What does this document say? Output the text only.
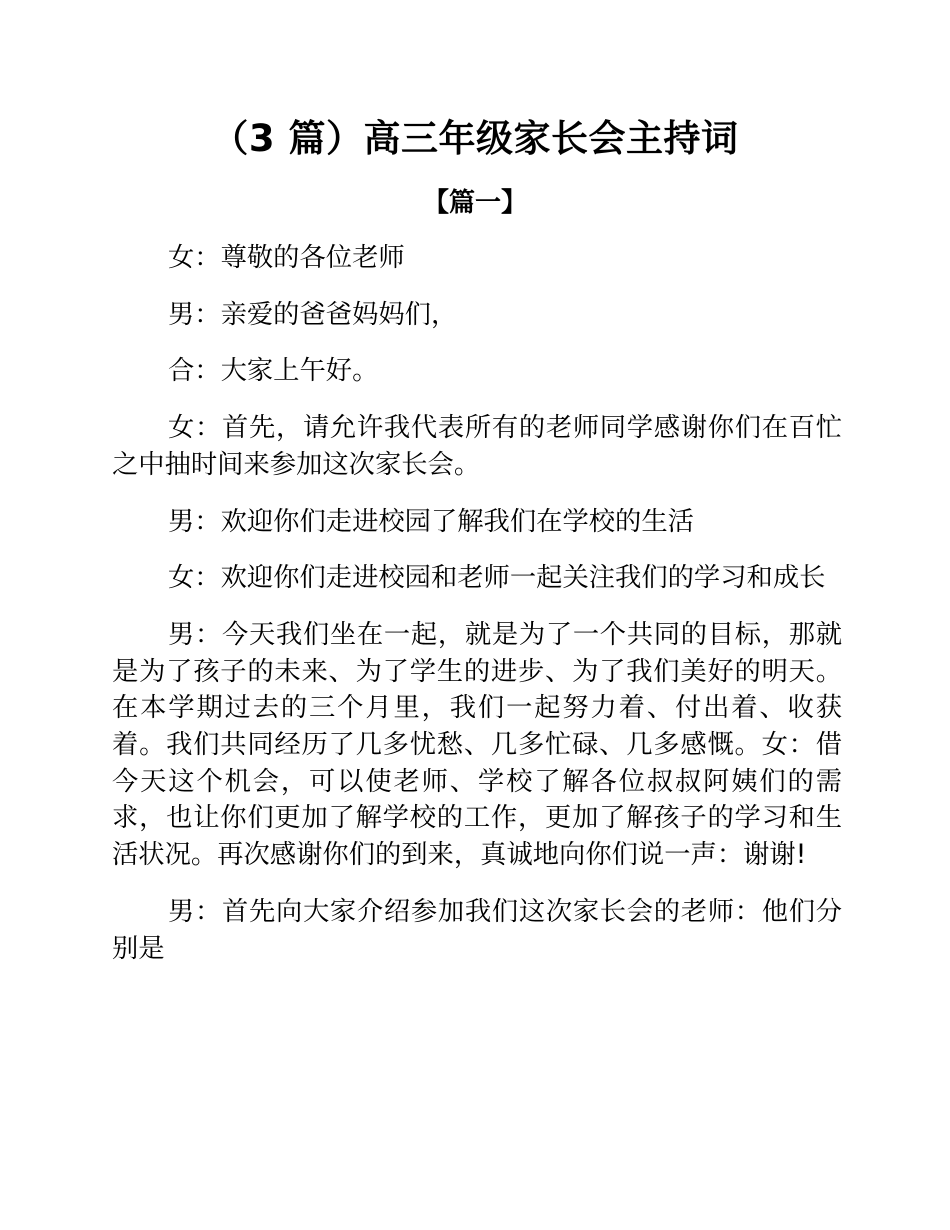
（3 篇）高三年级家长会主持词
【篇一】

女：尊敬的各位老师

男：亲爱的爸爸妈妈们，

合：大家上午好。

女：首先，请允许我代表所有的老师同学感谢你们在百忙之中抽时间来参加这次家长会。

男：欢迎你们走进校园了解我们在学校的生活

女：欢迎你们走进校园和老师一起关注我们的学习和成长

男：今天我们坐在一起，就是为了一个共同的目标，那就是为了孩子的未来、为了学生的进步、为了我们美好的明天。在本学期过去的三个月里，我们一起努力着、付出着、收获着。我们共同经历了几多忧愁、几多忙碌、几多感慨。女：借今天这个机会，可以使老师、学校了解各位叔叔阿姨们的需求，也让你们更加了解学校的工作，更加了解孩子的学习和生活状况。再次感谢你们的到来，真诚地向你们说一声：谢谢!

男：首先向大家介绍参加我们这次家长会的老师：他们分别是
